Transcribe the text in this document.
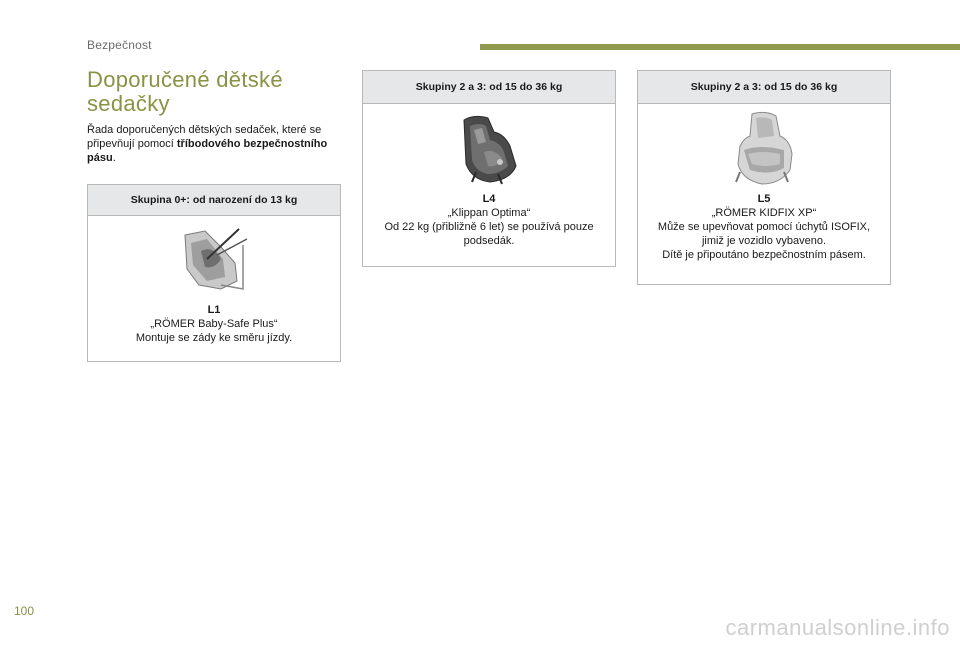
Bezpečnost
Doporučené dětské sedačky
Řada doporučených dětských sedaček, které se připevňují pomocí tříbodového bezpečnostního pásu.
Skupina 0+: od narození do 13 kg
L1
„RÖMER Baby-Safe Plus“
Montuje se zády ke směru jízdy.
Skupiny 2 a 3: od 15 do 36 kg
L4
„Klippan Optima“
Od 22 kg (přibližně 6 let) se používá pouze
podsedák.
Skupiny 2 a 3: od 15 do 36 kg
L5
„RÖMER KIDFIX XP“
Může se upevňovat pomocí úchytů ISOFIX,
jimiž je vozidlo vybaveno.
Dítě je připoutáno bezpečnostním pásem.
100
carmanualsonline.info
